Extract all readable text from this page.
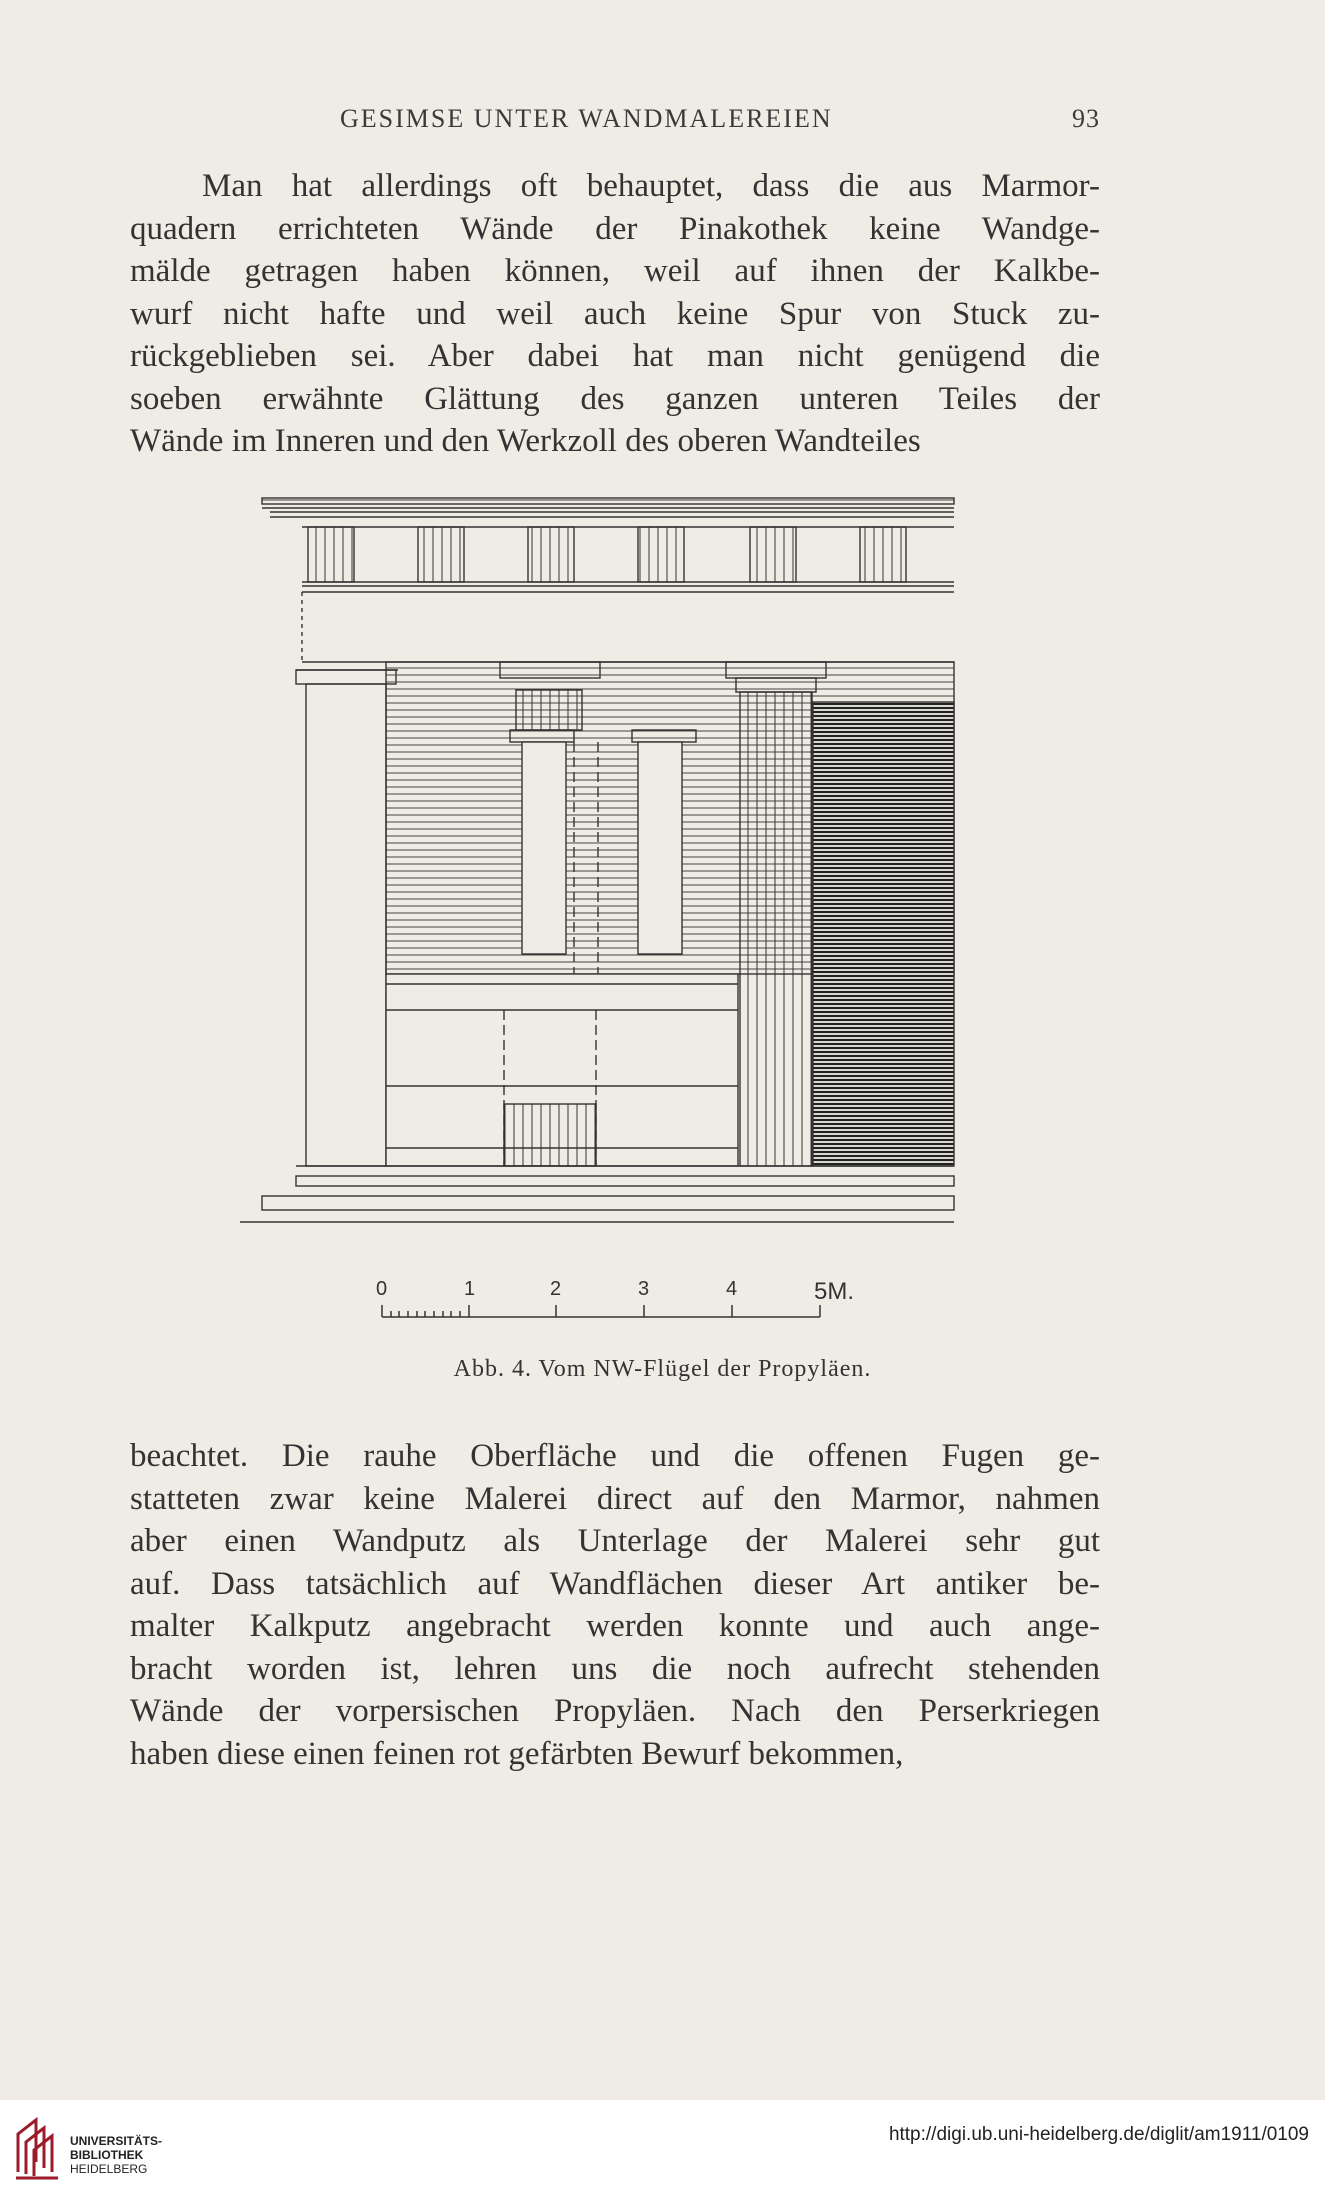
GESIMSE UNTER WANDMALEREIEN	93
Man hat allerdings oft behauptet, dass die aus Marmor-
quadern errichteten Wände der Pinakothek keine Wandge-
mälde getragen haben können, weil auf ihnen der Kalkbe-
wurf nicht hafte und weil auch keine Spur von Stuck zu-
rückgeblieben sei. Aber dabei hat man nicht genügend die
soeben erwähnte Glättung des ganzen unteren Teiles der
Wände im Inneren und den Werkzoll des oberen Wandteiles
0	1	2	3	4	5M.
Abb. 4. Vom NW-Flügel der Propyläen.
beachtet. Die rauhe Oberfläche und die offenen Fugen ge-
statteten zwar keine Malerei direct auf den Marmor, nahmen
aber einen Wandputz als Unterlage der Malerei sehr gut
auf. Dass tatsächlich auf Wandflächen dieser Art antiker be-
malter Kalkputz angebracht werden konnte und auch ange-
bracht worden ist, lehren uns die noch aufrecht stehenden
Wände der vorpersischen Propyläen. Nach den Perserkriegen
haben diese einen feinen rot gefärbten Bewurf bekommen,
UNIVERSITÄTS-
BIBLIOTHEK
HEIDELBERG
http://digi.ub.uni-heidelberg.de/diglit/am1911/0109
